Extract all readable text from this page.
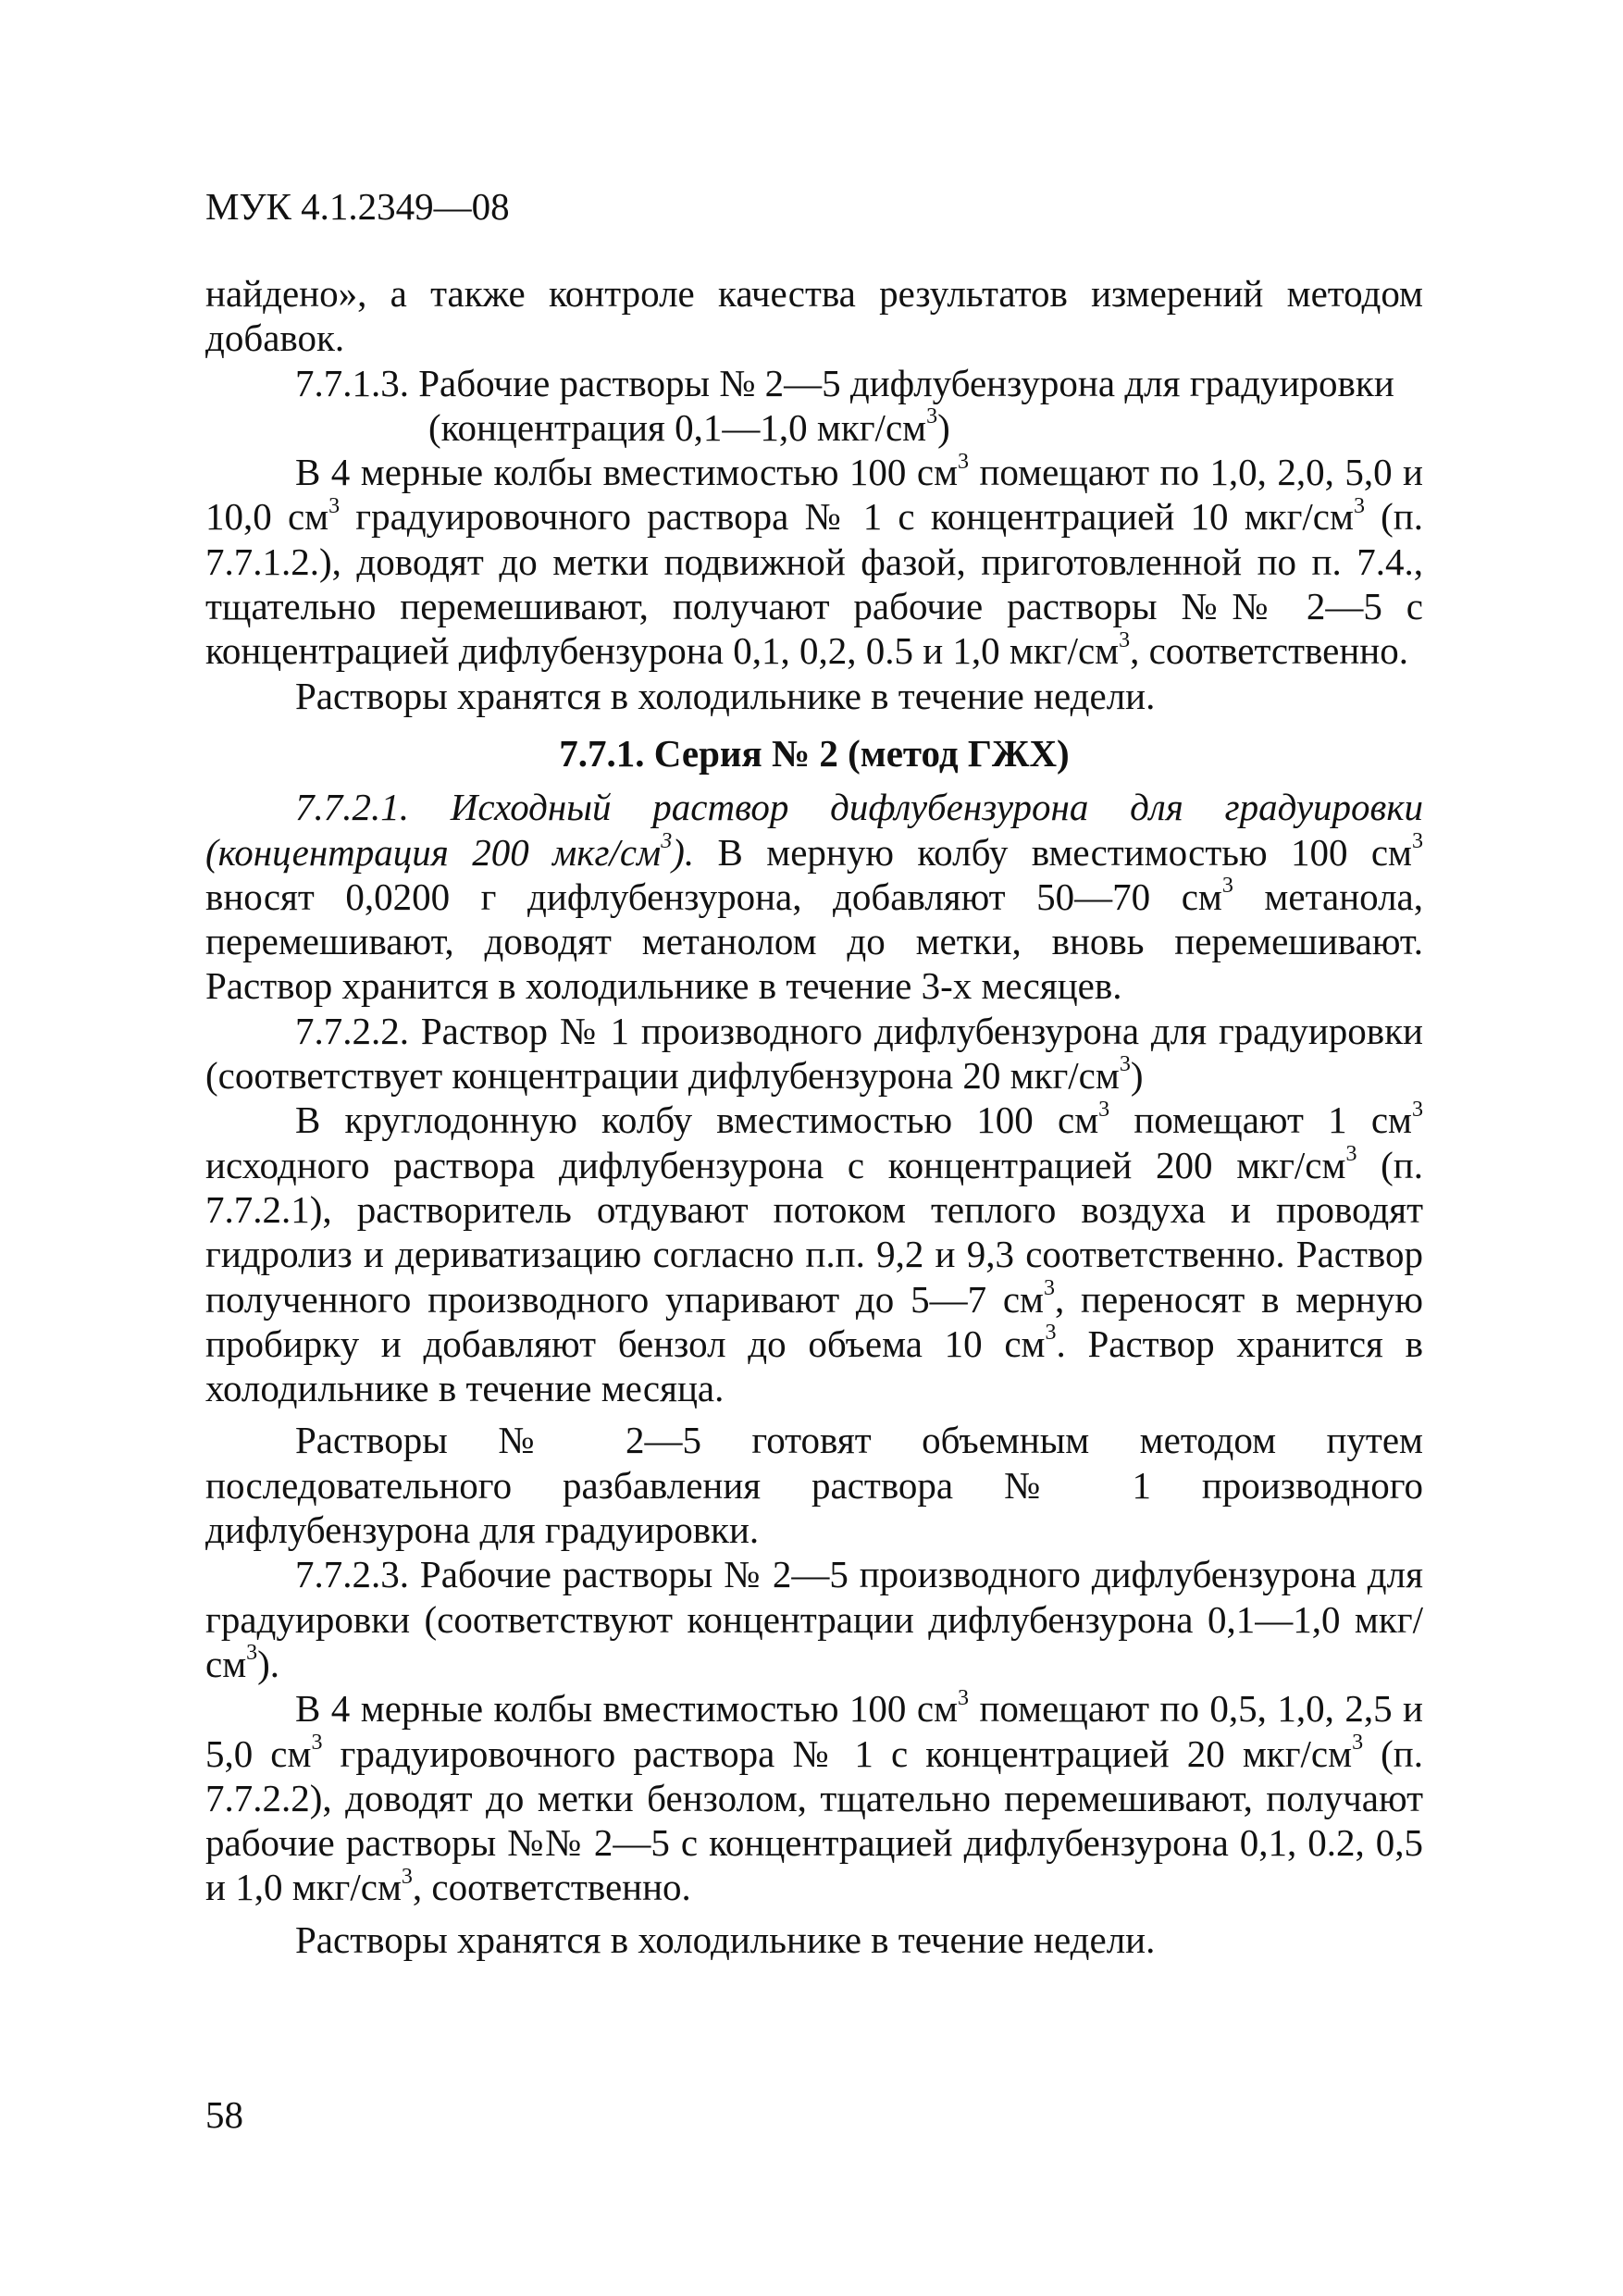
МУК 4.1.2349—08

найдено», а также контроле качества результатов измерений методом добавок.

7.7.1.3. Рабочие растворы № 2—5 дифлубензурона для градуировки

(концентрация 0,1—1,0 мкг/$см^3$)

В 4 мерные колбы вместимостью 100 $см^3$ помещают по 1,0, 2,0, 5,0 и 10,0 $см^3$ градуировочного раствора № 1 с концентрацией 10 мкг/$см^3$ (п. 7.7.1.2.), доводят до метки подвижной фазой, приготовленной по п. 7.4., тщательно перемешивают, получают рабочие растворы №№ 2—5 с концентрацией дифлубензурона 0,1, 0,2, 0.5 и 1,0 мкг/$см^3$, соответственно.

Растворы хранятся в холодильнике в течение недели.

7.7.1. Серия № 2 (метод ГЖХ)

7.7.2.1. Исходный раствор дифлубензурона для градуировки (концентрация 200 мкг/$см^3$). В мерную колбу вместимостью 100 $см^3$ вносят 0,0200 г дифлубензурона, добавляют 50—70 $см^3$ метанола, перемешивают, доводят метанолом до метки, вновь перемешивают. Раствор хранится в холодильнике в течение 3-х месяцев.

7.7.2.2. Раствор № 1 производного дифлубензурона для градуировки (соответствует концентрации дифлубензурона 20 мкг/$см^3$)

В круглодонную колбу вместимостью 100 $см^3$ помещают 1 $см^3$ исходного раствора дифлубензурона с концентрацией 200 мкг/$см^3$ (п. 7.7.2.1), растворитель отдувают потоком теплого воздуха и проводят гидролиз и дериватизацию согласно п.п. 9,2 и 9,3 соответственно. Раствор полученного производного упаривают до 5—7 $см^3$, переносят в мерную пробирку и добавляют бензол до объема 10 $см^3$. Раствор хранится в холодильнике в течение месяца.

Растворы № 2—5 готовят объемным методом путем последовательного разбавления раствора № 1 производного дифлубензурона для градуировки.

7.7.2.3. Рабочие растворы № 2—5 производного дифлубензурона для градуировки (соответствуют концентрации дифлубензурона 0,1—1,0 мкг/$см^3$).

В 4 мерные колбы вместимостью 100 $см^3$ помещают по 0,5, 1,0, 2,5 и 5,0 $см^3$ градуировочного раствора № 1 с концентрацией 20 мкг/$см^3$ (п. 7.7.2.2), доводят до метки бензолом, тщательно перемешивают, получают рабочие растворы №№ 2—5 с концентрацией дифлубензурона 0,1, 0.2, 0,5 и 1,0 мкг/$см^3$, соответственно.

Растворы хранятся в холодильнике в течение недели.

58
